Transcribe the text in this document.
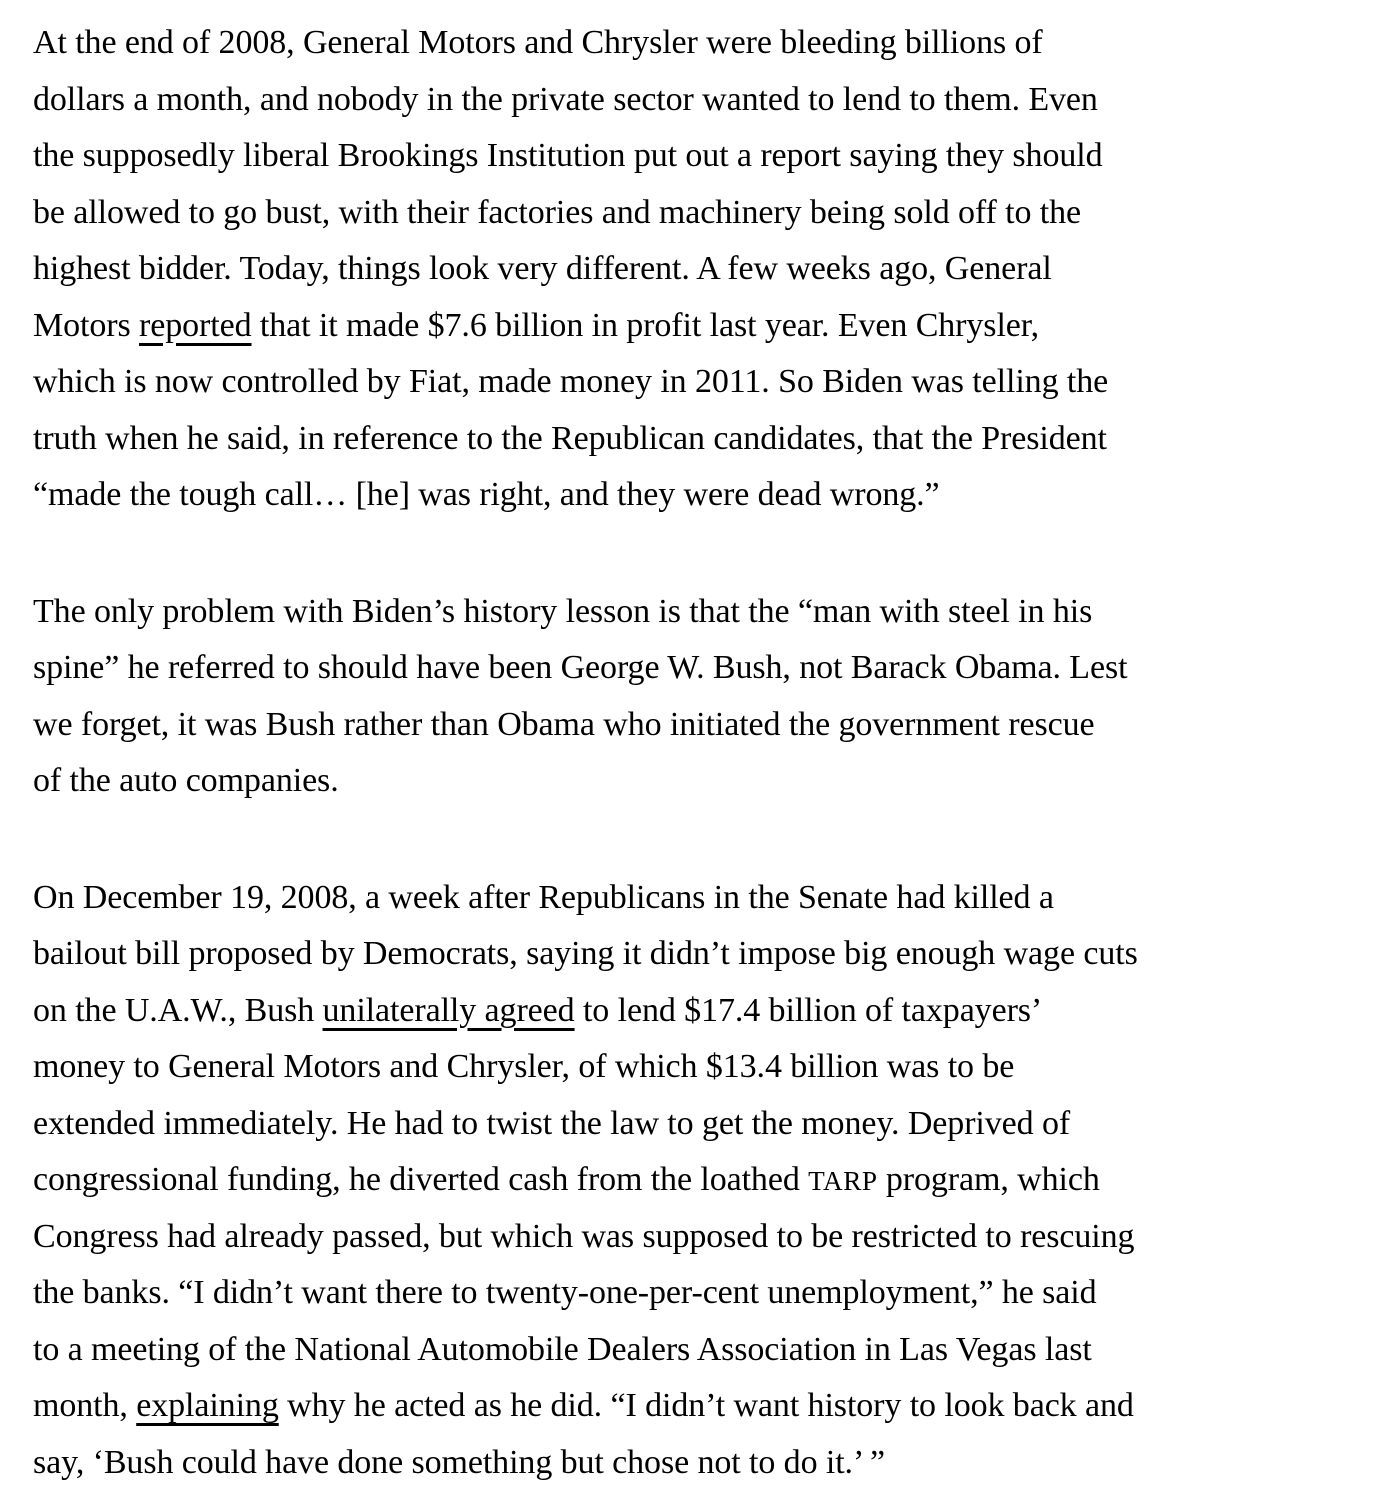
At the end of 2008, General Motors and Chrysler were bleeding billions of
dollars a month, and nobody in the private sector wanted to lend to them. Even
the supposedly liberal Brookings Institution put out a report saying they should
be allowed to go bust, with their factories and machinery being sold off to the
highest bidder. Today, things look very different. A few weeks ago, General
Motors reported that it made $7.6 billion in profit last year. Even Chrysler,
which is now controlled by Fiat, made money in 2011. So Biden was telling the
truth when he said, in reference to the Republican candidates, that the President
“made the tough call… [he] was right, and they were dead wrong.”
The only problem with Biden’s history lesson is that the “man with steel in his
spine” he referred to should have been George W. Bush, not Barack Obama. Lest
we forget, it was Bush rather than Obama who initiated the government rescue
of the auto companies.
On December 19, 2008, a week after Republicans in the Senate had killed a
bailout bill proposed by Democrats, saying it didn’t impose big enough wage cuts
on the U.A.W., Bush unilaterally agreed to lend $17.4 billion of taxpayers’
money to General Motors and Chrysler, of which $13.4 billion was to be
extended immediately. He had to twist the law to get the money. Deprived of
congressional funding, he diverted cash from the loathed TARP program, which
Congress had already passed, but which was supposed to be restricted to rescuing
the banks. “I didn’t want there to twenty-one-per-cent unemployment,” he said
to a meeting of the National Automobile Dealers Association in Las Vegas last
month, explaining why he acted as he did. “I didn’t want history to look back and
say, ‘Bush could have done something but chose not to do it.’ ”
